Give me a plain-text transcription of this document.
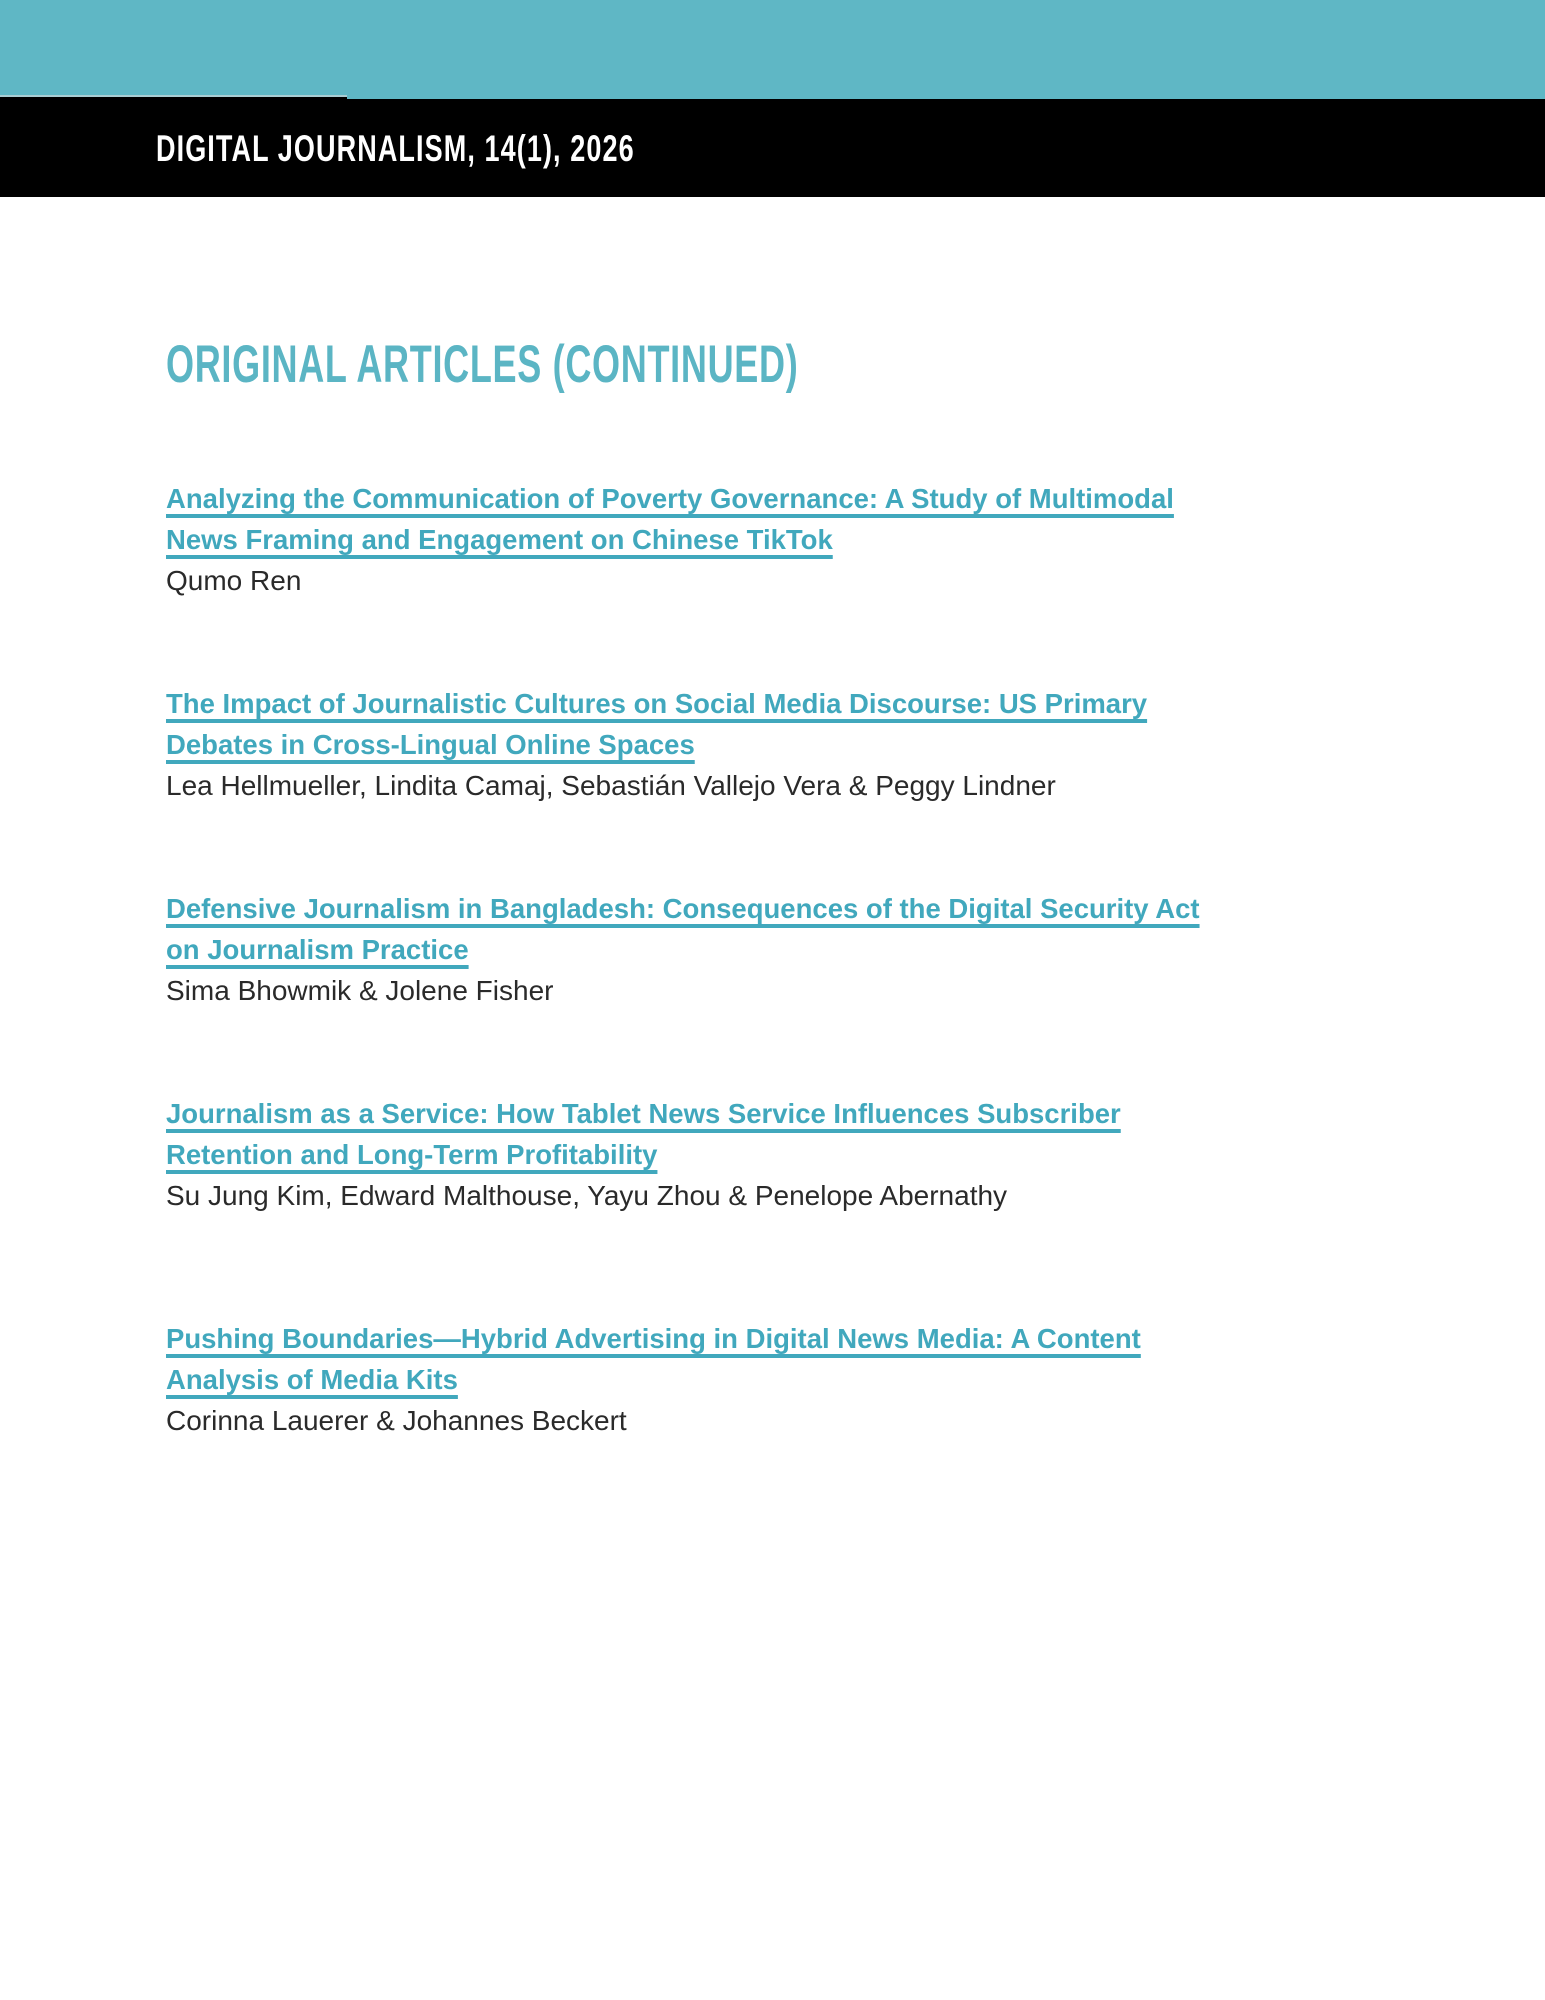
DIGITAL JOURNALISM, 14(1), 2026
ORIGINAL ARTICLES (CONTINUED)
Analyzing the Communication of Poverty Governance: A Study of Multimodal
News Framing and Engagement on Chinese TikTok
Qumo Ren
The Impact of Journalistic Cultures on Social Media Discourse: US Primary
Debates in Cross-Lingual Online Spaces
Lea Hellmueller, Lindita Camaj, Sebastián Vallejo Vera & Peggy Lindner
Defensive Journalism in Bangladesh: Consequences of the Digital Security Act
on Journalism Practice
Sima Bhowmik & Jolene Fisher
Journalism as a Service: How Tablet News Service Influences Subscriber
Retention and Long-Term Profitability
Su Jung Kim, Edward Malthouse, Yayu Zhou & Penelope Abernathy
Pushing Boundaries—Hybrid Advertising in Digital News Media: A Content
Analysis of Media Kits
Corinna Lauerer & Johannes Beckert
